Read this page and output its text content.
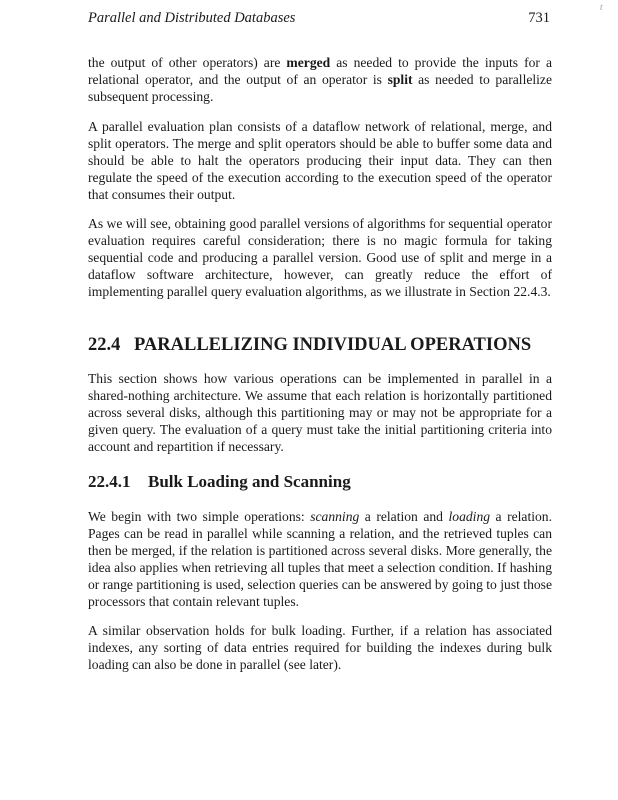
Parallel and Distributed Databases	731
t

the output of other operators) are merged as needed to provide the inputs for a relational operator, and the output of an operator is split as needed to parallelize subsequent processing.

A parallel evaluation plan consists of a dataflow network of relational, merge, and split operators. The merge and split operators should be able to buffer some data and should be able to halt the operators producing their input data. They can then regulate the speed of the execution according to the execution speed of the operator that consumes their output.

As we will see, obtaining good parallel versions of algorithms for sequential operator evaluation requires careful consideration; there is no magic formula for taking sequential code and producing a parallel version. Good use of split and merge in a dataflow software architecture, however, can greatly reduce the effort of implementing parallel query evaluation algorithms, as we illustrate in Section 22.4.3.

22.4 PARALLELIZING INDIVIDUAL OPERATIONS

This section shows how various operations can be implemented in parallel in a shared-nothing architecture. We assume that each relation is horizontally partitioned across several disks, although this partitioning may or may not be appropriate for a given query. The evaluation of a query must take the initial partitioning criteria into account and repartition if necessary.

22.4.1 Bulk Loading and Scanning

We begin with two simple operations: scanning a relation and loading a relation. Pages can be read in parallel while scanning a relation, and the retrieved tuples can then be merged, if the relation is partitioned across several disks. More generally, the idea also applies when retrieving all tuples that meet a selection condition. If hashing or range partitioning is used, selection queries can be answered by going to just those processors that contain relevant tuples.

A similar observation holds for bulk loading. Further, if a relation has associated indexes, any sorting of data entries required for building the indexes during bulk loading can also be done in parallel (see later).
